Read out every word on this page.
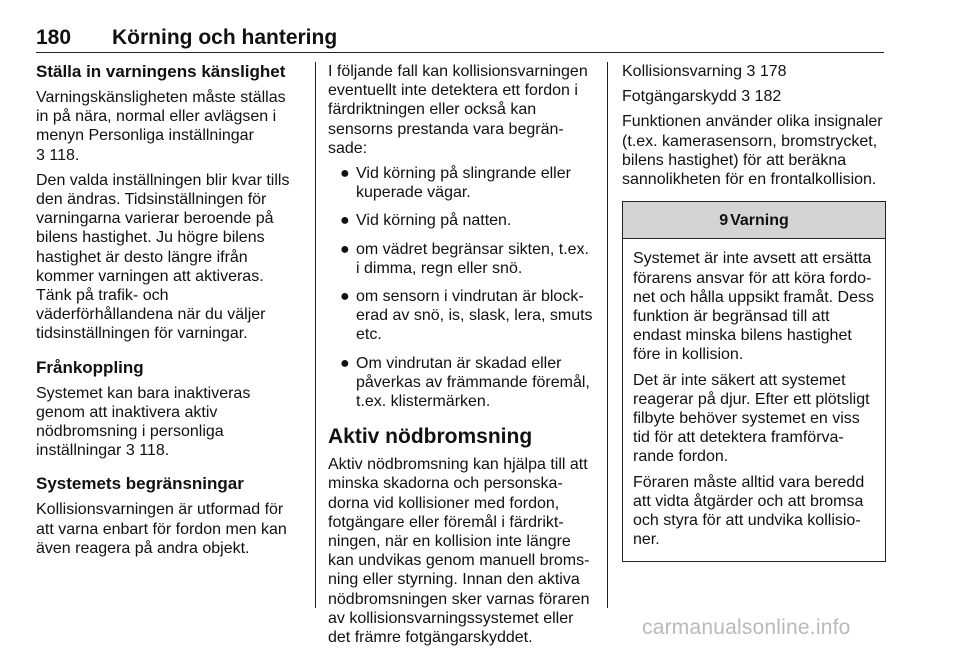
180 Körning och hantering
Ställa in varningens känslighet

Varningskänsligheten måste ställas in på nära, normal eller avlägsen i menyn Personliga inställningar
3 118.

Den valda inställningen blir kvar tills den ändras. Tidsinställningen för varningarna varierar beroende på bilens hastighet. Ju högre bilens hastighet är desto längre ifrån kommer varningen att aktiveras. Tänk på trafik- och väderförhållandena när du väljer tidsinställningen för varningar.

Frånkoppling

Systemet kan bara inaktiveras genom att inaktivera aktiv nödbromsning i personliga inställningar 3 118.

Systemets begränsningar

Kollisionsvarningen är utformad för att varna enbart för fordon men kan även reagera på andra objekt.

I följande fall kan kollisionsvarningen eventuellt inte detektera ett fordon i färdriktningen eller också kan sensorns prestanda vara begränsade:

● Vid körning på slingrande eller kuperade vägar.
● Vid körning på natten.
● om vädret begränsar sikten, t.ex. i dimma, regn eller snö.
● om sensorn i vindrutan är blockerad av snö, is, slask, lera, smuts etc.
● Om vindrutan är skadad eller påverkas av främmande föremål, t.ex. klistermärken.
Aktiv nödbromsning

Aktiv nödbromsning kan hjälpa till att minska skadorna och personskadorna vid kollisioner med fordon, fotgängare eller föremål i färdriktningen, när en kollision inte längre kan undvikas genom manuell bromsning eller styrning. Innan den aktiva nödbromsningen sker varnas föraren av kollisionsvarningssystemet eller det främre fotgängarskyddet.

Kollisionsvarning 3 178

Fotgängarskydd 3 182

Funktionen använder olika insignaler (t.ex. kamerasensorn, bromstrycket, bilens hastighet) för att beräkna sannolikheten för en frontalkollision.

9 Varning

Systemet är inte avsett att ersätta förarens ansvar för att köra fordonet och hålla uppsikt framåt. Dess funktion är begränsad till att endast minska bilens hastighet före in kollision.

Det är inte säkert att systemet reagerar på djur. Efter ett plötsligt filbyte behöver systemet en viss tid för att detektera framförvarande fordon.

Föraren måste alltid vara beredd att vidta åtgärder och att bromsa och styra för att undvika kollisioner.

carmanualsonline.info
